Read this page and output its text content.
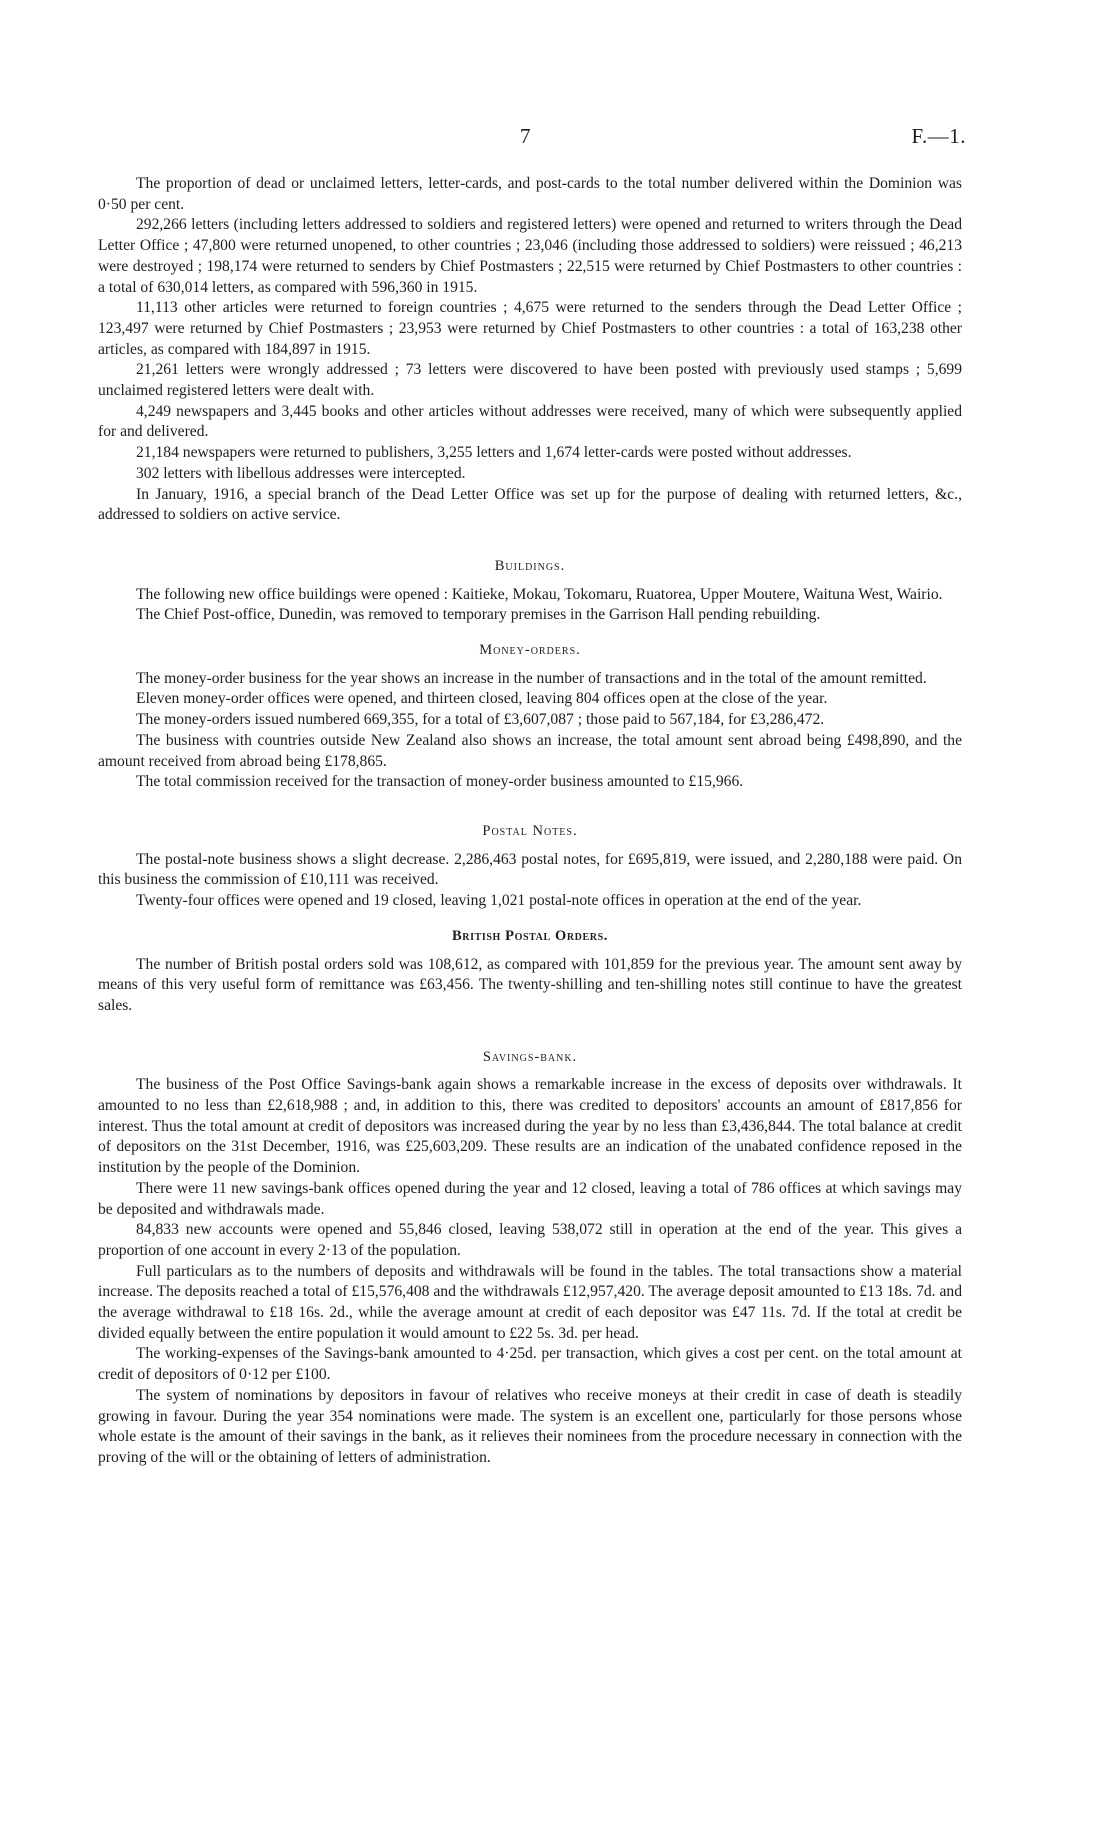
7	F.—1.

The proportion of dead or unclaimed letters, letter-cards, and post-cards to the total number delivered within the Dominion was 0·50 per cent.

292,266 letters (including letters addressed to soldiers and registered letters) were opened and returned to writers through the Dead Letter Office ; 47,800 were returned unopened, to other countries ; 23,046 (including those addressed to soldiers) were reissued ; 46,213 were destroyed ; 198,174 were returned to senders by Chief Postmasters ; 22,515 were returned by Chief Postmasters to other countries : a total of 630,014 letters, as compared with 596,360 in 1915.

11,113 other articles were returned to foreign countries ; 4,675 were returned to the senders through the Dead Letter Office ; 123,497 were returned by Chief Postmasters ; 23,953 were returned by Chief Postmasters to other countries : a total of 163,238 other articles, as compared with 184,897 in 1915.

21,261 letters were wrongly addressed ; 73 letters were discovered to have been posted with previously used stamps ; 5,699 unclaimed registered letters were dealt with.

4,249 newspapers and 3,445 books and other articles without addresses were received, many of which were subsequently applied for and delivered.

21,184 newspapers were returned to publishers, 3,255 letters and 1,674 letter-cards were posted without addresses.

302 letters with libellous addresses were intercepted.

In January, 1916, a special branch of the Dead Letter Office was set up for the purpose of dealing with returned letters, &c., addressed to soldiers on active service.

Buildings.

The following new office buildings were opened : Kaitieke, Mokau, Tokomaru, Ruatorea, Upper Moutere, Waituna West, Wairio.

The Chief Post-office, Dunedin, was removed to temporary premises in the Garrison Hall pending rebuilding.

Money-orders.

The money-order business for the year shows an increase in the number of transactions and in the total of the amount remitted.

Eleven money-order offices were opened, and thirteen closed, leaving 804 offices open at the close of the year.

The money-orders issued numbered 669,355, for a total of £3,607,087 ; those paid to 567,184, for £3,286,472.

The business with countries outside New Zealand also shows an increase, the total amount sent abroad being £498,890, and the amount received from abroad being £178,865.

The total commission received for the transaction of money-order business amounted to £15,966.

Postal Notes.

The postal-note business shows a slight decrease. 2,286,463 postal notes, for £695,819, were issued, and 2,280,188 were paid. On this business the commission of £10,111 was received.

Twenty-four offices were opened and 19 closed, leaving 1,021 postal-note offices in operation at the end of the year.

British Postal Orders.

The number of British postal orders sold was 108,612, as compared with 101,859 for the previous year. The amount sent away by means of this very useful form of remittance was £63,456. The twenty-shilling and ten-shilling notes still continue to have the greatest sales.

Savings-bank.

The business of the Post Office Savings-bank again shows a remarkable increase in the excess of deposits over withdrawals. It amounted to no less than £2,618,988 ; and, in addition to this, there was credited to depositors' accounts an amount of £817,856 for interest. Thus the total amount at credit of depositors was increased during the year by no less than £3,436,844. The total balance at credit of depositors on the 31st December, 1916, was £25,603,209. These results are an indication of the unabated confidence reposed in the institution by the people of the Dominion.

There were 11 new savings-bank offices opened during the year and 12 closed, leaving a total of 786 offices at which savings may be deposited and withdrawals made.

84,833 new accounts were opened and 55,846 closed, leaving 538,072 still in operation at the end of the year. This gives a proportion of one account in every 2·13 of the population.

Full particulars as to the numbers of deposits and withdrawals will be found in the tables. The total transactions show a material increase. The deposits reached a total of £15,576,408 and the withdrawals £12,957,420. The average deposit amounted to £13 18s. 7d. and the average withdrawal to £18 16s. 2d., while the average amount at credit of each depositor was £47 11s. 7d. If the total at credit be divided equally between the entire population it would amount to £22 5s. 3d. per head.

The working-expenses of the Savings-bank amounted to 4·25d. per transaction, which gives a cost per cent. on the total amount at credit of depositors of 0·12 per £100.

The system of nominations by depositors in favour of relatives who receive moneys at their credit in case of death is steadily growing in favour. During the year 354 nominations were made. The system is an excellent one, particularly for those persons whose whole estate is the amount of their savings in the bank, as it relieves their nominees from the procedure necessary in connection with the proving of the will or the obtaining of letters of administration.
